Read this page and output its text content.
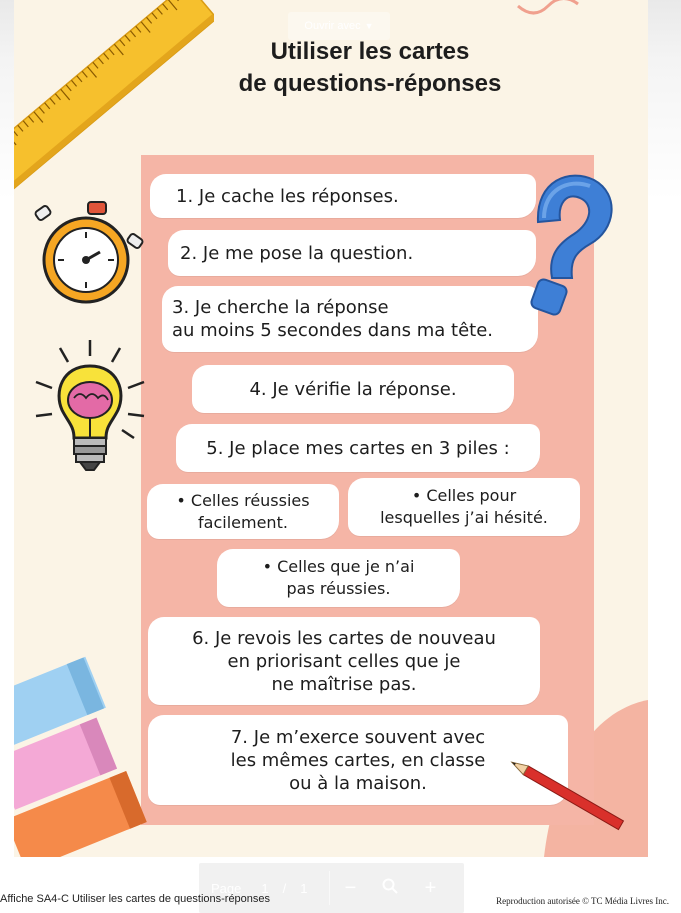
Ouvrir avec ▼
Utiliser les cartes
de questions-réponses
1. Je cache les réponses.
2. Je me pose la question.
3. Je cherche la réponse
au moins 5 secondes dans ma tête.
4. Je vérifie la réponse.
5. Je place mes cartes en 3 piles :
• Celles réussies
facilement.
• Celles pour
lesquelles j’ai hésité.
• Celles que je n’ai
pas réussies.
6. Je revois les cartes de nouveau
en priorisant celles que je
ne maîtrise pas.
7. Je m’exerce souvent avec
les mêmes cartes, en classe
ou à la maison.
Page 1 / 1	−	+
Affiche SA4-C Utiliser les cartes de questions-réponses	Reproduction autorisée © TC Média Livres Inc.
